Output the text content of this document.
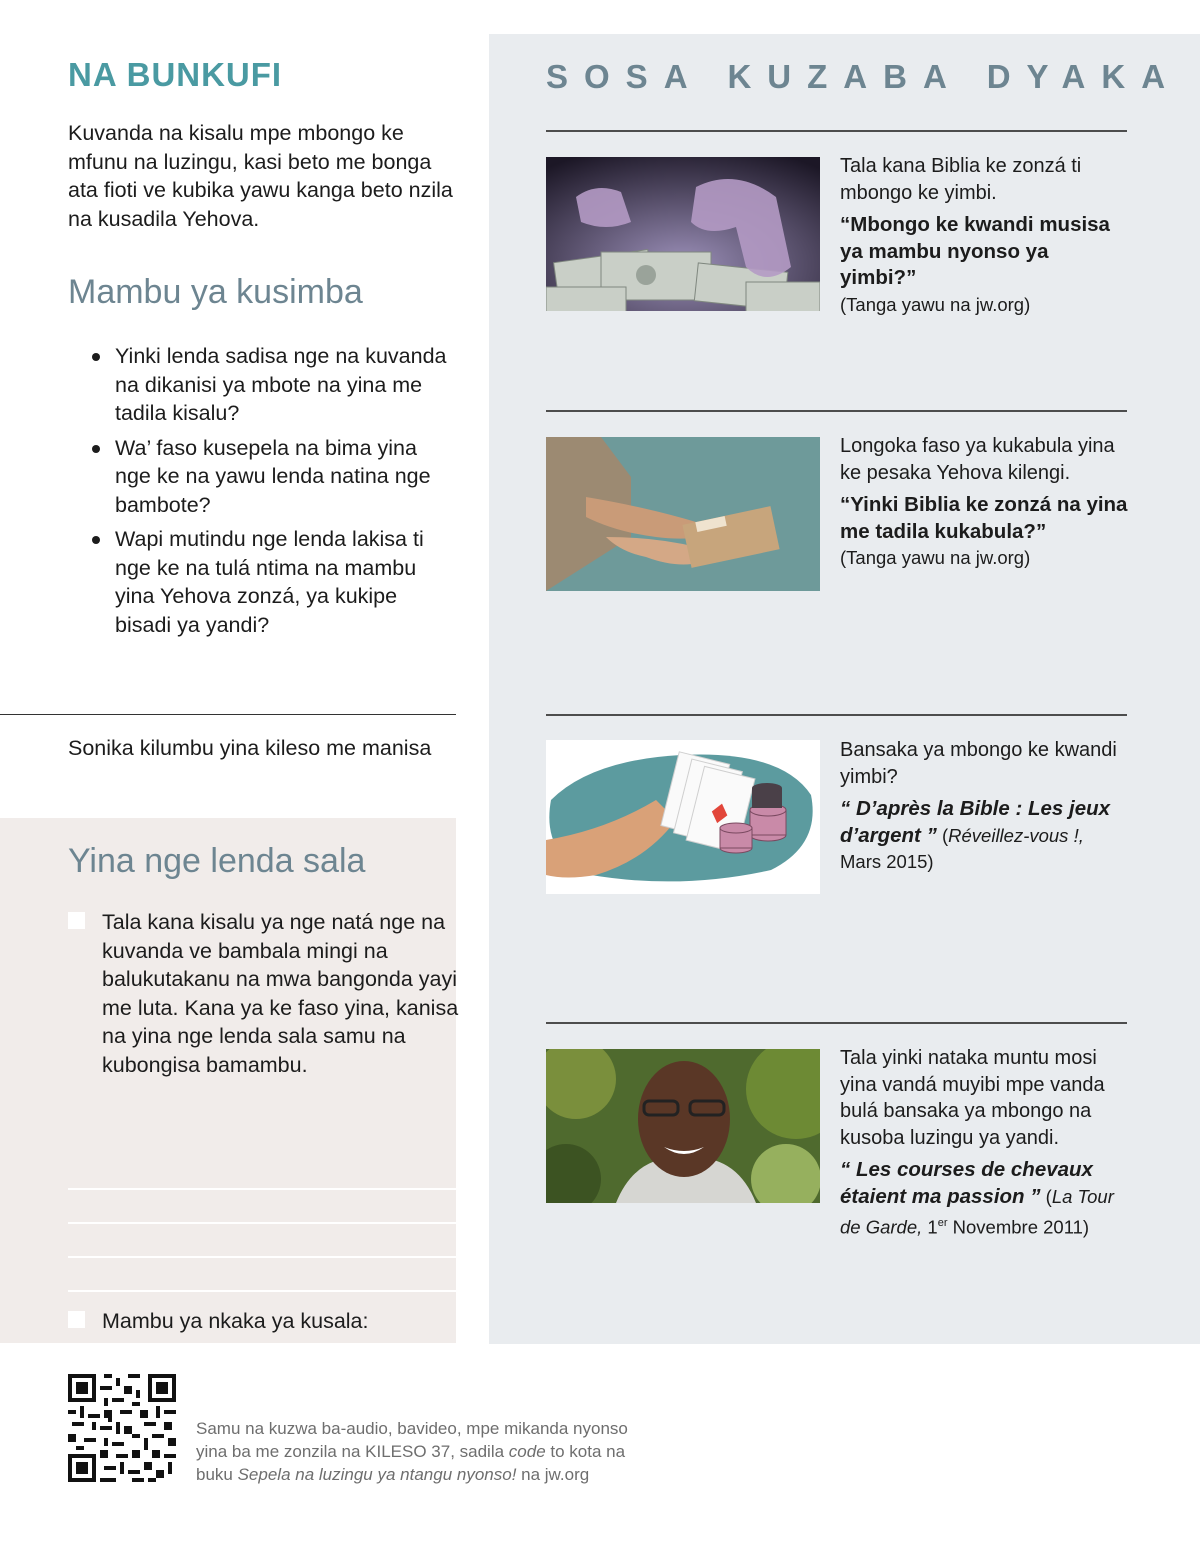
SOSA KUZABA DYAKA

Tala kana Biblia ke zonzá ti mbongo ke yimbi.

“Mbongo ke kwandi musisa ya mambu nyonso ya yimbi?”

(Tanga yawu na jw.org)

Longoka faso ya kukabula yina ke pesaka Yehova kilengi.

“Yinki Biblia ke zonzá na yina me tadila kukabula?”

(Tanga yawu na jw.org)

Bansaka ya mbongo ke kwandi yimbi?

“ D’après la Bible : Les jeux d’argent ” (Réveillez-vous !, Mars 2015)

Tala yinki nataka muntu mosi yina vandá muyibi mpe vanda bulá bansaka ya mbongo na kusoba luzingu ya yandi.

“ Les courses de chevaux étaient ma passion ” (La Tour de Garde, 1er Novembre 2011)

NA BUNKUFI

Kuvanda na kisalu mpe mbongo ke mfunu na luzingu, kasi beto me bonga ata fioti ve kubika yawu kanga beto nzila na kusadila Yehova.

Mambu ya kusimba
Yinki lenda sadisa nge na kuvanda na dikanisi ya mbote na yina me tadila kisalu?
Wa’ faso kusepela na bima yina nge ke na yawu lenda natina nge bambote?
Wapi mutindu nge lenda lakisa ti nge ke na tulá ntima na mambu yina Yehova zonzá, ya kukipe bisadi ya yandi?

Sonika kilumbu yina kileso me manisa

Yina nge lenda sala
Tala kana kisalu ya nge natá nge na kuvanda ve bambala mingi na balukutakanu na mwa bangonda yayi me luta. Kana ya ke faso yina, kanisa na yina nge lenda sala samu na kubongisa bamambu.
Mambu ya nkaka ya kusala:
Samu na kuzwa ba-audio, bavideo, mpe mikanda nyonso
yina ba me zonzila na KILESO 37, sadila code to kota na
buku Sepela na luzingu ya ntangu nyonso! na jw.org
